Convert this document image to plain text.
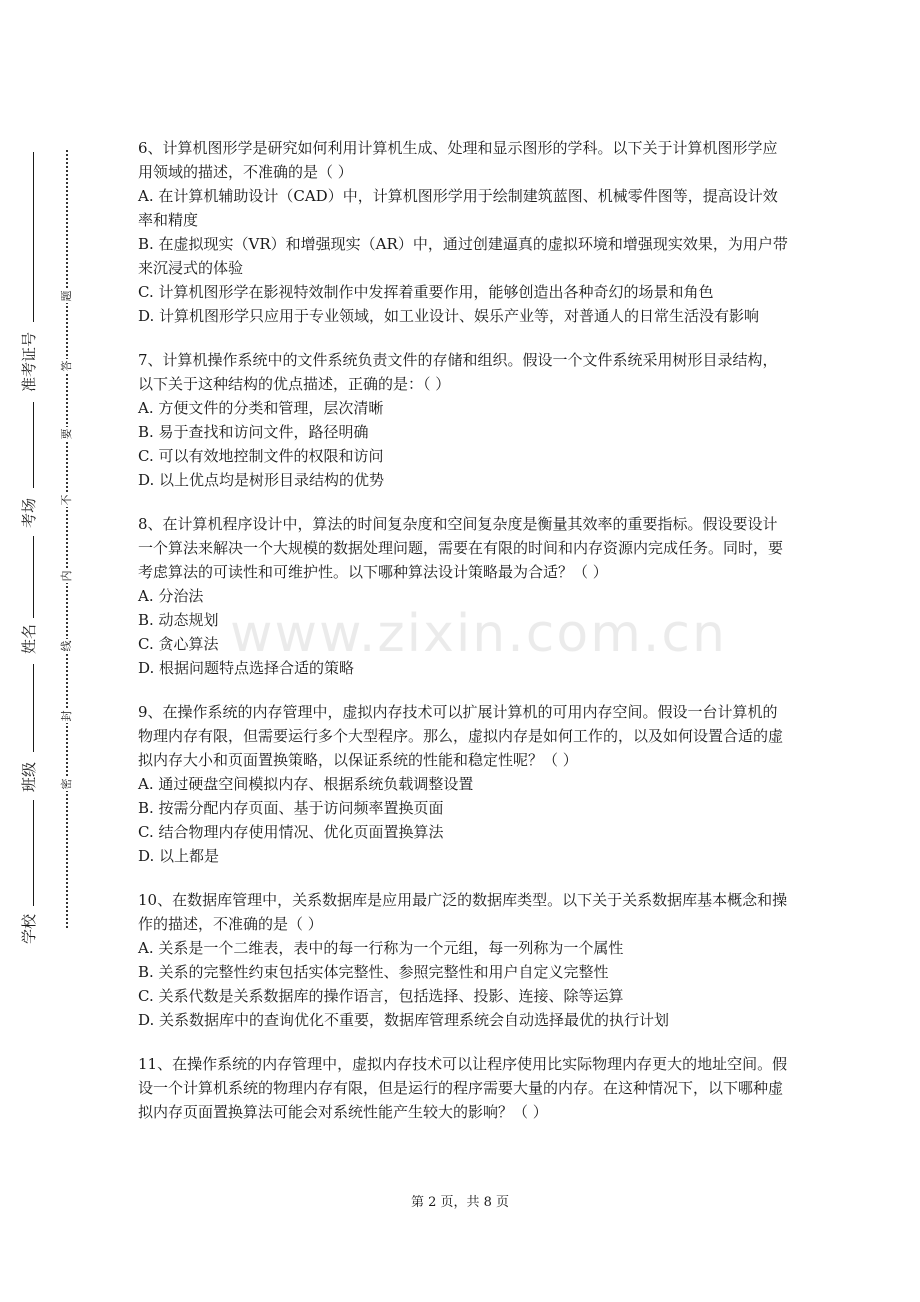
准考证号
考场
姓名
班级
学校
题
答
要
不
内
线
封
密
www.zixin.com.cn
6、计算机图形学是研究如何利用计算机生成、处理和显示图形的学科。以下关于计算机图形学应用领域的描述，不准确的是（ ）
A. 在计算机辅助设计（CAD）中，计算机图形学用于绘制建筑蓝图、机械零件图等，提高设计效率和精度
B. 在虚拟现实（VR）和增强现实（AR）中，通过创建逼真的虚拟环境和增强现实效果，为用户带来沉浸式的体验
C. 计算机图形学在影视特效制作中发挥着重要作用，能够创造出各种奇幻的场景和角色
D. 计算机图形学只应用于专业领域，如工业设计、娱乐产业等，对普通人的日常生活没有影响
7、计算机操作系统中的文件系统负责文件的存储和组织。假设一个文件系统采用树形目录结构，以下关于这种结构的优点描述，正确的是：（ ）
A. 方便文件的分类和管理，层次清晰
B. 易于查找和访问文件，路径明确
C. 可以有效地控制文件的权限和访问
D. 以上优点均是树形目录结构的优势
8、在计算机程序设计中，算法的时间复杂度和空间复杂度是衡量其效率的重要指标。假设要设计一个算法来解决一个大规模的数据处理问题，需要在有限的时间和内存资源内完成任务。同时，要考虑算法的可读性和可维护性。以下哪种算法设计策略最为合适？（ ）
A. 分治法
B. 动态规划
C. 贪心算法
D. 根据问题特点选择合适的策略
9、在操作系统的内存管理中，虚拟内存技术可以扩展计算机的可用内存空间。假设一台计算机的物理内存有限，但需要运行多个大型程序。那么，虚拟内存是如何工作的，以及如何设置合适的虚拟内存大小和页面置换策略，以保证系统的性能和稳定性呢？（ ）
A. 通过硬盘空间模拟内存、根据系统负载调整设置
B. 按需分配内存页面、基于访问频率置换页面
C. 结合物理内存使用情况、优化页面置换算法
D. 以上都是
10、在数据库管理中，关系数据库是应用最广泛的数据库类型。以下关于关系数据库基本概念和操作的描述，不准确的是（ ）
A. 关系是一个二维表，表中的每一行称为一个元组，每一列称为一个属性
B. 关系的完整性约束包括实体完整性、参照完整性和用户自定义完整性
C. 关系代数是关系数据库的操作语言，包括选择、投影、连接、除等运算
D. 关系数据库中的查询优化不重要，数据库管理系统会自动选择最优的执行计划
11、在操作系统的内存管理中，虚拟内存技术可以让程序使用比实际物理内存更大的地址空间。假设一个计算机系统的物理内存有限，但是运行的程序需要大量的内存。在这种情况下，以下哪种虚拟内存页面置换算法可能会对系统性能产生较大的影响？（ ）
第 2 页，共 8 页
